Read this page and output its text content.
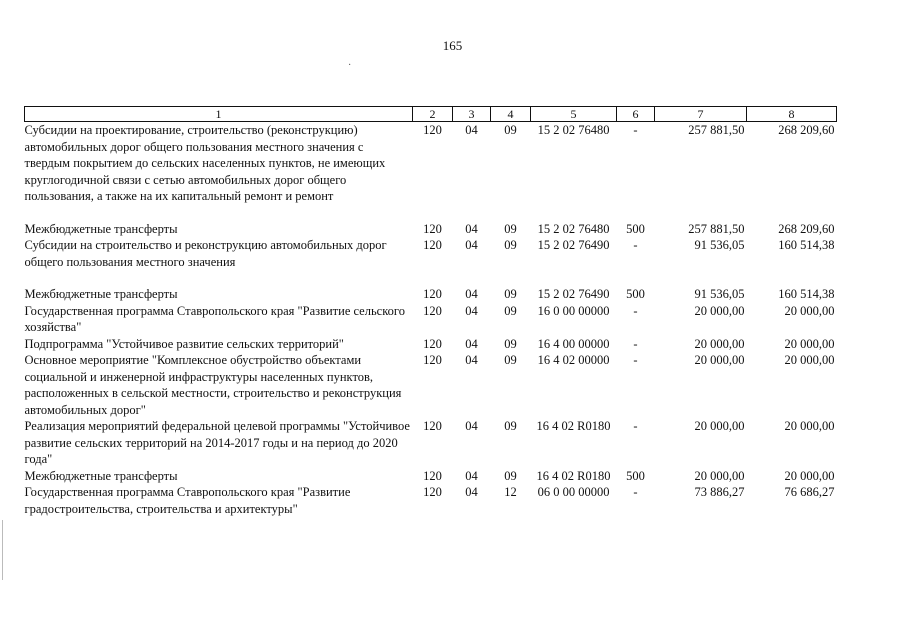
165
·
1	2	3	4	5	6	7	8
Субсидии на проектирование, строительство (реконструкцию) автомобильных дорог общего пользования местного значения с твердым покрытием до сельских населенных пунктов, не имеющих круглогодичной связи с сетью автомобильных дорог общего пользования, а также на их капитальный ремонт и ремонт	120	04	09	15 2 02 76480	-	257 881,50	268 209,60

Межбюджетные трансферты	120	04	09	15 2 02 76480	500	257 881,50	268 209,60
Субсидии на строительство и реконструкцию автомобильных дорог общего пользования местного значения	120	04	09	15 2 02 76490	-	91 536,05	160 514,38

Межбюджетные трансферты	120	04	09	15 2 02 76490	500	91 536,05	160 514,38
Государственная программа Ставропольского края "Развитие сельского хозяйства"	120	04	09	16 0 00 00000	-	20 000,00	20 000,00
Подпрограмма "Устойчивое развитие сельских территорий"	120	04	09	16 4 00 00000	-	20 000,00	20 000,00
Основное мероприятие "Комплексное обустройство объектами социальной и инженерной инфраструктуры населенных пунктов, расположенных в сельской местности, строительство и реконструкция автомобильных дорог"	120	04	09	16 4 02 00000	-	20 000,00	20 000,00
Реализация мероприятий федеральной целевой программы "Устойчивое развитие сельских территорий на 2014-2017 годы и на период до 2020 года"	120	04	09	16 4 02 R0180	-	20 000,00	20 000,00
Межбюджетные трансферты	120	04	09	16 4 02 R0180	500	20 000,00	20 000,00
Государственная программа Ставропольского края "Развитие градостроительства, строительства и архитектуры"	120	04	12	06 0 00 00000	-	73 886,27	76 686,27
